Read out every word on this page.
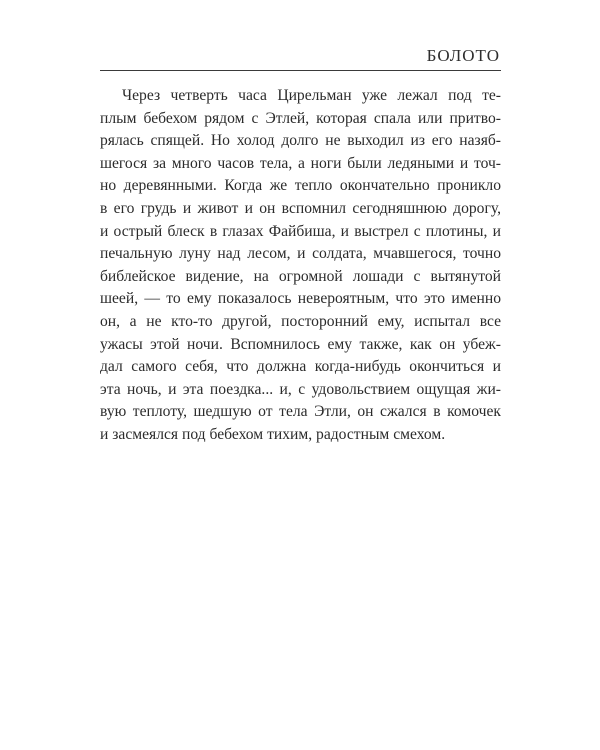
БОЛОТО
Через четверть часа Цирельман уже лежал под те-
плым бебехом рядом с Этлей, которая спала или притво-
рялась спящей. Но холод долго не выходил из его назяб-
шегося за много часов тела, а ноги были ледяными и точ-
но деревянными. Когда же тепло окончательно проникло
в его грудь и живот и он вспомнил сегодняшнюю дорогу,
и острый блеск в глазах Файбиша, и выстрел с плотины, и
печальную луну над лесом, и солдата, мчавшегося, точно
библейское видение, на огромной лошади с вытянутой
шеей, — то ему показалось невероятным, что это именно
он, а не кто-то другой, посторонний ему, испытал все
ужасы этой ночи. Вспомнилось ему также, как он убеж-
дал самого себя, что должна когда-нибудь окончиться и
эта ночь, и эта поездка... и, с удовольствием ощущая жи-
вую теплоту, шедшую от тела Этли, он сжался в комочек
и засмеялся под бебехом тихим, радостным смехом.
